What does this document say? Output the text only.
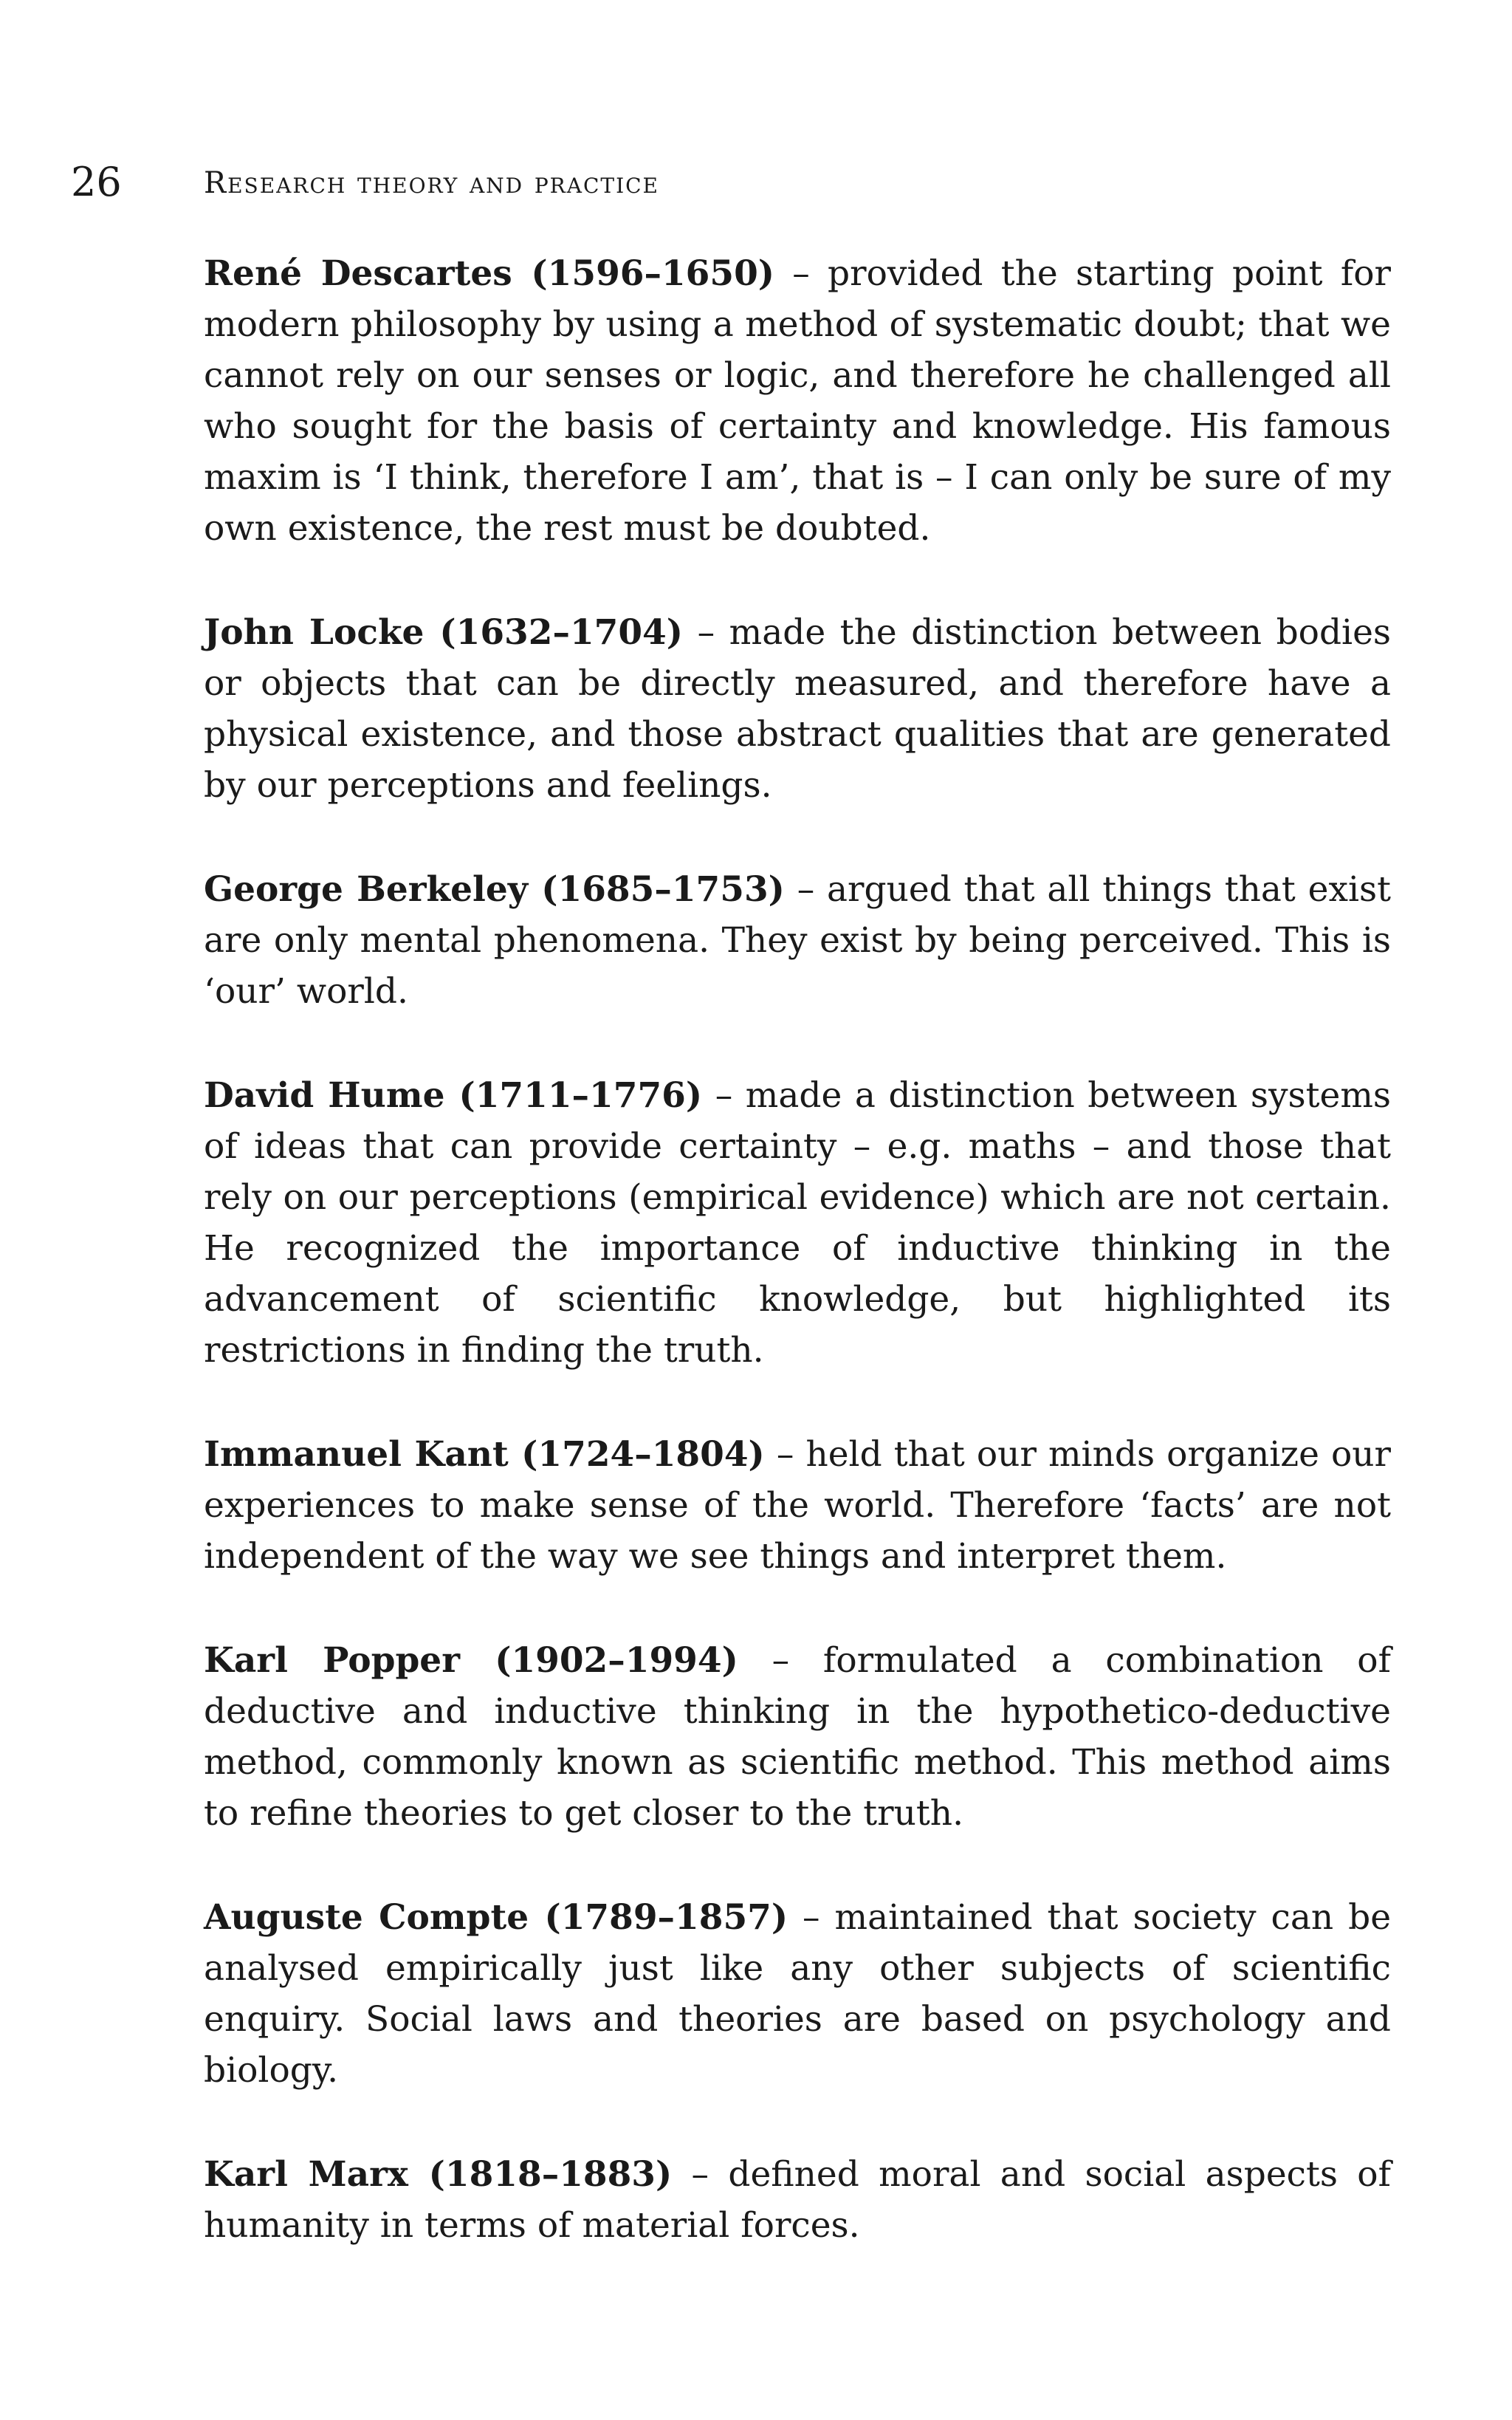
26	Research theory and practice

René Descartes (1596–1650) – provided the starting point for modern philosophy by using a method of systematic doubt; that we cannot rely on our senses or logic, and therefore he challenged all who sought for the basis of certainty and knowledge. His famous maxim is ‘I think, therefore I am’, that is – I can only be sure of my own existence, the rest must be doubted.

John Locke (1632–1704) – made the distinction between bodies or objects that can be directly measured, and therefore have a physical existence, and those abstract qualities that are generated by our perceptions and feelings.

George Berkeley (1685–1753) – argued that all things that exist are only mental phenomena. They exist by being perceived. This is ‘our’ world.

David Hume (1711–1776) – made a distinction between systems of ideas that can provide certainty – e.g. maths – and those that rely on our perceptions (empirical evidence) which are not certain. He recognized the importance of inductive thinking in the advancement of scientific knowledge, but highlighted its restrictions in finding the truth.

Immanuel Kant (1724–1804) – held that our minds organize our experiences to make sense of the world. Therefore ‘facts’ are not independent of the way we see things and interpret them.

Karl Popper (1902–1994) – formulated a combination of deductive and inductive thinking in the hypothetico-deductive method, commonly known as scientific method. This method aims to refine theories to get closer to the truth.

Auguste Compte (1789–1857) – maintained that society can be analysed empirically just like any other subjects of scientific enquiry. Social laws and theories are based on psychology and biology.

Karl Marx (1818–1883) – defined moral and social aspects of humanity in terms of material forces.
